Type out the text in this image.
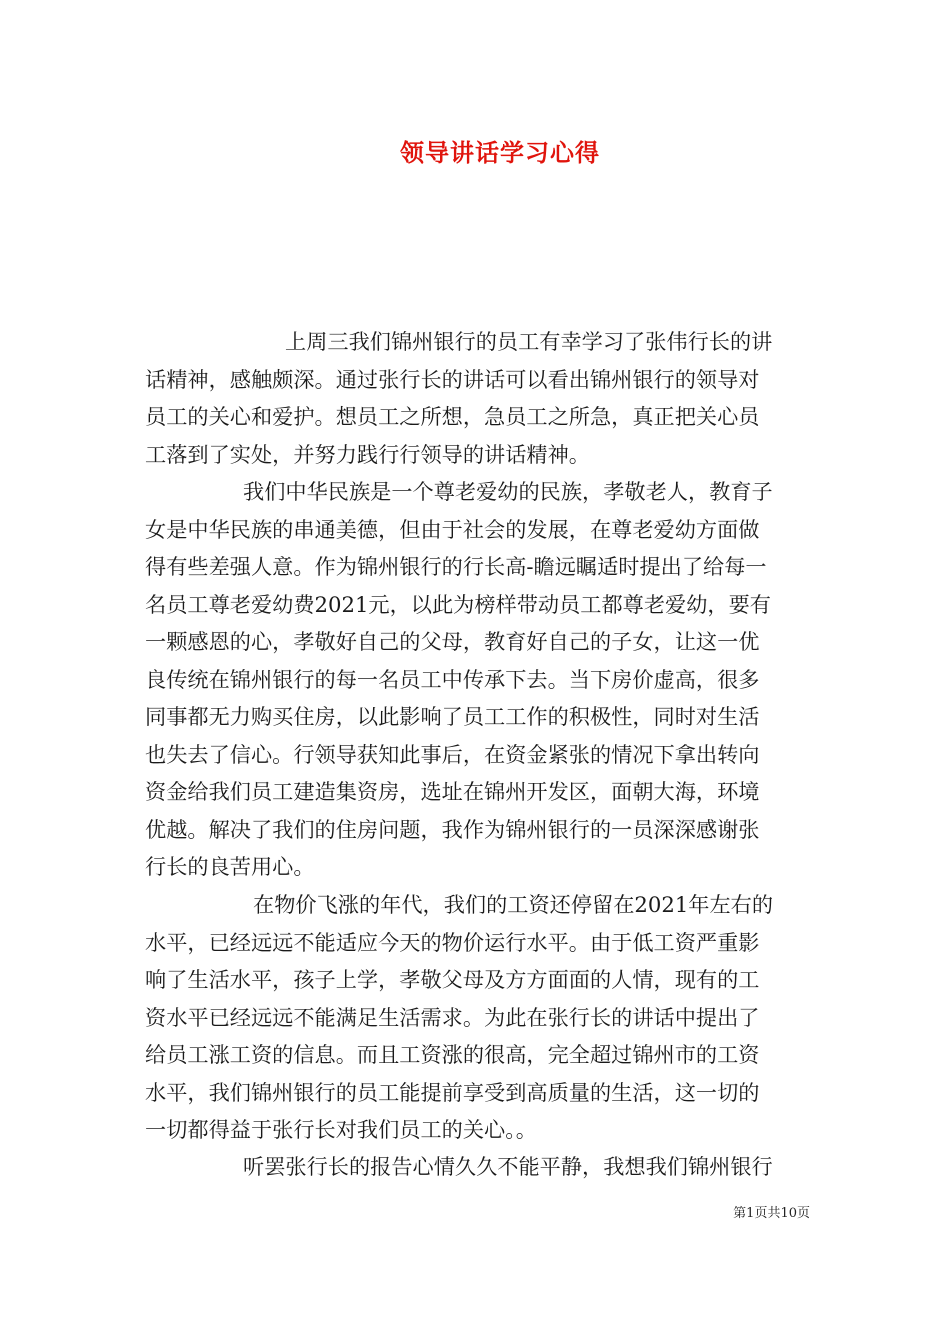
领导讲话学习心得
上周三我们锦州银行的员工有幸学习了张伟行长的讲
话精神，感触颇深。通过张行长的讲话可以看出锦州银行的领导对
员工的关心和爱护。想员工之所想，急员工之所急，真正把关心员
工落到了实处，并努力践行行领导的讲话精神。
我们中华民族是一个尊老爱幼的民族，孝敬老人，教育子
女是中华民族的串通美德，但由于社会的发展，在尊老爱幼方面做
得有些差强人意。作为锦州银行的行长高-瞻远瞩适时提出了给每一
名员工尊老爱幼费2021元，以此为榜样带动员工都尊老爱幼，要有
一颗感恩的心，孝敬好自己的父母，教育好自己的子女，让这一优
良传统在锦州银行的每一名员工中传承下去。当下房价虚高，很多
同事都无力购买住房，以此影响了员工工作的积极性，同时对生活
也失去了信心。行领导获知此事后，在资金紧张的情况下拿出转向
资金给我们员工建造集资房，选址在锦州开发区，面朝大海，环境
优越。解决了我们的住房问题，我作为锦州银行的一员深深感谢张
行长的良苦用心。
在物价飞涨的年代，我们的工资还停留在2021年左右的
水平，已经远远不能适应今天的物价运行水平。由于低工资严重影
响了生活水平，孩子上学，孝敬父母及方方面面的人情，现有的工
资水平已经远远不能满足生活需求。为此在张行长的讲话中提出了
给员工涨工资的信息。而且工资涨的很高，完全超过锦州市的工资
水平，我们锦州银行的员工能提前享受到高质量的生活，这一切的
一切都得益于张行长对我们员工的关心。。
听罢张行长的报告心情久久不能平静，我想我们锦州银行
第1页共10页
